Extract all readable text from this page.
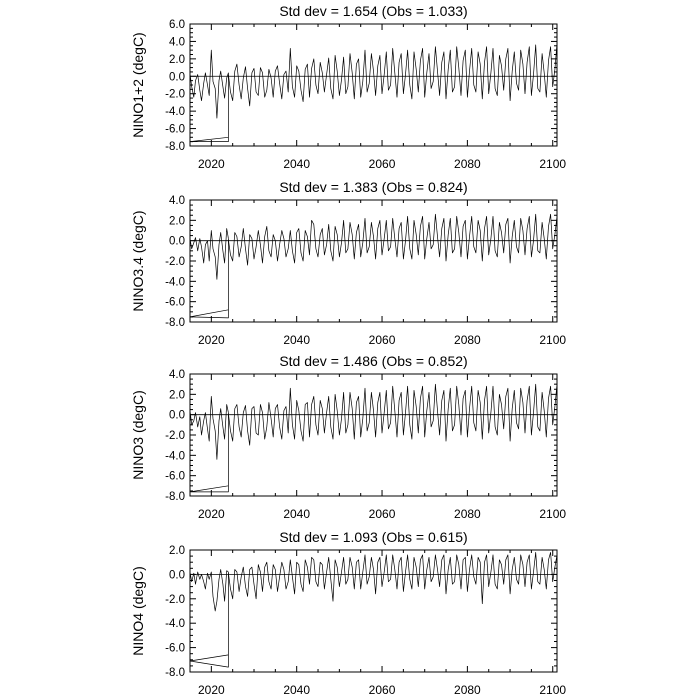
Std dev = 1.654 (Obs = 1.033)
NINO1+2 (degC)
-8.0
-6.0
-4.0
-2.0
0.0
2.0
4.0
6.0
2020	2040	2060	2080	2100
Std dev = 1.383 (Obs = 0.824)
NINO3.4 (degC)
-8.0
-6.0
-4.0
-2.0
0.0
2.0
4.0
2020	2040	2060	2080	2100
Std dev = 1.486 (Obs = 0.852)
NINO3 (degC)
-8.0
-6.0
-4.0
-2.0
0.0
2.0
4.0
2020	2040	2060	2080	2100
Std dev = 1.093 (Obs = 0.615)
NINO4 (degC)
-8.0
-6.0
-4.0
-2.0
0.0
2.0
2020	2040	2060	2080	2100
